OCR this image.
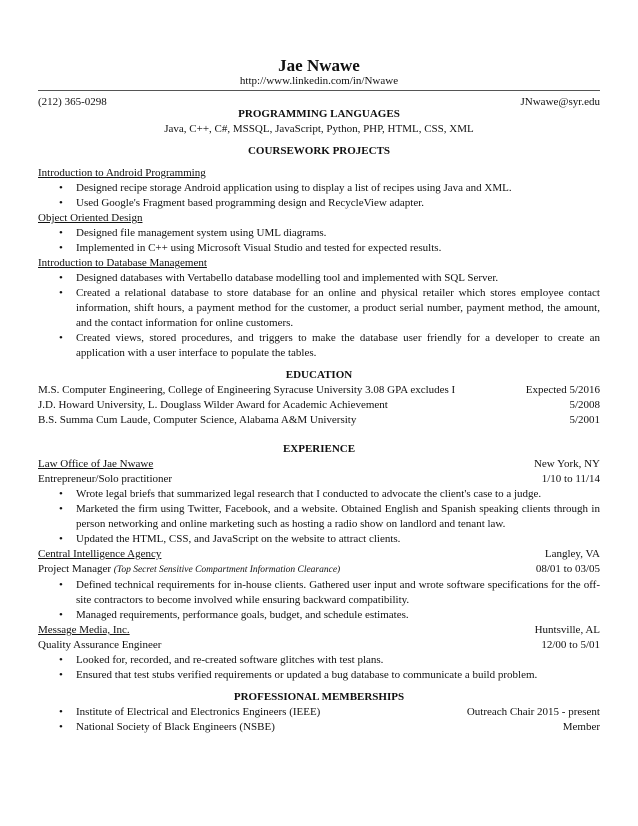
Jae Nwawe
http://www.linkedin.com/in/Nwawe
(212) 365-0298	JNwawe@syr.edu
PROGRAMMING LANGUAGES
Java, C++, C#, MSSQL, JavaScript, Python, PHP, HTML, CSS, XML
COURSEWORK PROJECTS
Introduction to Android Programming
• Designed recipe storage Android application using to display a list of recipes using Java and XML.
• Used Google's Fragment based programming design and RecycleView adapter.
Object Oriented Design
• Designed file management system using UML diagrams.
• Implemented in C++ using Microsoft Visual Studio and tested for expected results.
Introduction to Database Management
• Designed databases with Vertabello database modelling tool and implemented with SQL Server.
• Created a relational database to store database for an online and physical retailer which stores employee contact information, shift hours, a payment method for the customer, a product serial number, payment method, the amount, and the contact information for online customers.
• Created views, stored procedures, and triggers to make the database user friendly for a developer to create an application with a user interface to populate the tables.
EDUCATION
M.S. Computer Engineering, College of Engineering Syracuse University 3.08 GPA excludes I	Expected 5/2016
J.D. Howard University, L. Douglass Wilder Award for Academic Achievement	5/2008
B.S. Summa Cum Laude, Computer Science, Alabama A&M University	5/2001
EXPERIENCE
Law Office of Jae Nwawe	New York, NY
Entrepreneur/Solo practitioner	1/10 to 11/14
• Wrote legal briefs that summarized legal research that I conducted to advocate the client's case to a judge.
• Marketed the firm using Twitter, Facebook, and a website. Obtained English and Spanish speaking clients through in person networking and online marketing such as hosting a radio show on landlord and tenant law.
• Updated the HTML, CSS, and JavaScript on the website to attract clients.
Central Intelligence Agency	Langley, VA
Project Manager (Top Secret Sensitive Compartment Information Clearance)	08/01 to 03/05
• Defined technical requirements for in-house clients. Gathered user input and wrote software specifications for the off-site contractors to become involved while ensuring backward compatibility.
• Managed requirements, performance goals, budget, and schedule estimates.
Message Media, Inc.	Huntsville, AL
Quality Assurance Engineer	12/00 to 5/01
• Looked for, recorded, and re-created software glitches with test plans.
• Ensured that test stubs verified requirements or updated a bug database to communicate a build problem.
PROFESSIONAL MEMBERSHIPS
• Institute of Electrical and Electronics Engineers (IEEE)	Outreach Chair 2015 - present
• National Society of Black Engineers (NSBE)	Member
